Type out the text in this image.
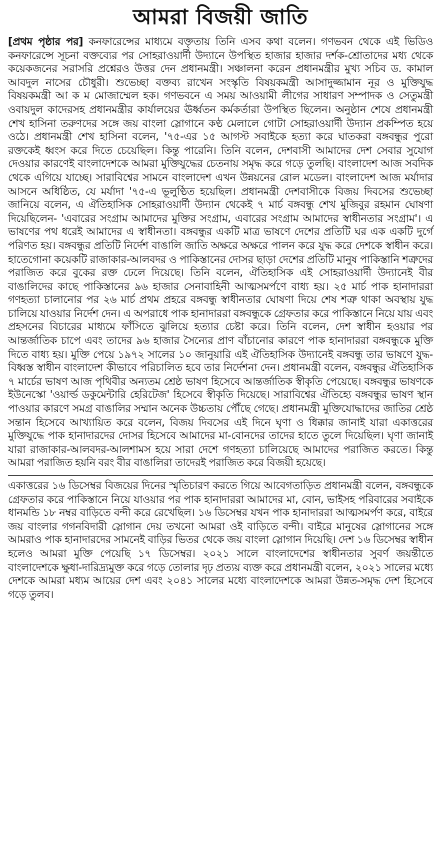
আমরা বিজয়ী জাতি

[প্রথম পৃষ্ঠার পর] কনফারেন্সের মাধ্যমে বক্তৃতায় তিনি এসব কথা বলেন। গণভবন থেকে এই ভিডিও কনফারেন্সে সূচনা বক্তব্যের পর সোহরাওয়ার্দী উদ্যানে উপস্থিত হাজার হাজার দর্শক-শ্রোতাদের মধ্য থেকে কয়েকজনের সরাসরি প্রশ্নেরও উত্তর দেন প্রধানমন্ত্রী। সঞ্চালনা করেন প্রধানমন্ত্রীর মুখ্য সচিব ড. কামাল আবদুল নাসের চৌধুরী। শুভেচ্ছা বক্তব্য রাখেন সংস্কৃতি বিষয়কমন্ত্রী আসাদুজ্জামান নূর ও মুক্তিযুদ্ধ বিষয়কমন্ত্রী আ ক ম মোজাম্মেল হক। গণভবনে এ সময় আওয়ামী লীগের সাধারণ সম্পাদক ও সেতুমন্ত্রী ওবায়দুল কাদেরসহ প্রধানমন্ত্রীর কার্যালয়ের ঊর্ধ্বতন কর্মকর্তারা উপস্থিত ছিলেন। অনুষ্ঠান শেষে প্রধানমন্ত্রী শেখ হাসিনা তরুণদের সঙ্গে জয় বাংলা স্লোগানে কণ্ঠ মেলালে গোটা সোহরাওয়ার্দী উদ্যান প্রকম্পিত হয়ে ওঠে। প্রধানমন্ত্রী শেখ হাসিনা বলেন, '৭৫-এর ১৫ আগস্ট সবাইকে হত্যা করে ঘাতকরা বঙ্গবন্ধুর পুরো রক্তকেই ধ্বংস করে দিতে চেয়েছিল। কিন্তু পারেনি। তিনি বলেন, দেশবাসী আমাদের দেশ সেবার সুযোগ দেওয়ার কারণেই বাংলাদেশকে আমরা মুক্তিযুদ্ধের চেতনায় সমৃদ্ধ করে গড়ে তুলছি। বাংলাদেশ আজ সবদিক থেকে এগিয়ে যাচ্ছে। সারাবিশ্বের সামনে বাংলাদেশ এখন উন্নয়নের রোল মডেল। বাংলাদেশ আজ মর্যাদার আসনে অধিষ্ঠিত, যে মর্যাদা '৭৫-এ ভূলুণ্ঠিত হয়েছিল। প্রধানমন্ত্রী দেশবাসীকে বিজয় দিবসের শুভেচ্ছা জানিয়ে বলেন, এ ঐতিহাসিক সোহরাওয়ার্দী উদ্যান থেকেই ৭ মার্চ বঙ্গবন্ধু শেখ মুজিবুর রহমান ঘোষণা দিয়েছিলেন- 'এবারের সংগ্রাম আমাদের মুক্তির সংগ্রাম, এবারের সংগ্রাম আমাদের স্বাধীনতার সংগ্রাম'। এ ভাষণের পথ ধরেই আমাদের এ স্বাধীনতা। বঙ্গবন্ধুর একটি মাত্র ভাষণে দেশের প্রতিটি ঘর এক একটি দুর্গে পরিণত হয়। বঙ্গবন্ধুর প্রতিটি নির্দেশ বাঙালি জাতি অক্ষরে অক্ষরে পালন করে যুদ্ধ করে দেশকে স্বাধীন করে। হাতেগোনা কয়েকটি রাজাকার-আলবদর ও পাকিস্তানের দোসর ছাড়া দেশের প্রতিটি মানুষ পাকিস্তানি শত্রুদের পরাজিত করে বুকের রক্ত ঢেলে দিয়েছে। তিনি বলেন, ঐতিহাসিক এই সোহরাওয়ার্দী উদ্যানেই বীর বাঙালিদের কাছে পাকিস্তানের ৯৬ হাজার সেনাবাহিনী আত্মসমর্পণে বাধ্য হয়। ২৫ মার্চ পাক হানাদাররা গণহত্যা চালানোর পর ২৬ মার্চ প্রথম প্রহরে বঙ্গবন্ধু স্বাধীনতার ঘোষণা দিয়ে শেষ শত্রু থাকা অবস্থায় যুদ্ধ চালিয়ে যাওয়ার নির্দেশ দেন। এ অপরাধে পাক হানাদাররা বঙ্গবন্ধুকে গ্রেফতার করে পাকিস্তানে নিয়ে যায় এবং প্রহসনের বিচারের মাধ্যমে ফাঁসিতে ঝুলিয়ে হত্যার চেষ্টা করে। তিনি বলেন, দেশ স্বাধীন হওয়ার পর আন্তর্জাতিক চাপে এবং তাদের ৯৬ হাজার সৈন্যের প্রাণ বাঁচানোর কারণে পাক হানাদাররা বঙ্গবন্ধুকে মুক্তি দিতে বাধ্য হয়। মুক্তি পেয়ে ১৯৭২ সালের ১০ জানুয়ারি এই ঐতিহাসিক উদ্যানেই বঙ্গবন্ধু তার ভাষণে যুদ্ধ-বিধ্বস্ত স্বাধীন বাংলাদেশ কীভাবে পরিচালিত হবে তার নির্দেশনা দেন। প্রধানমন্ত্রী বলেন, বঙ্গবন্ধুর ঐতিহাসিক ৭ মার্চের ভাষণ আজ পৃথিবীর অন্যতম শ্রেষ্ঠ ভাষণ হিসেবে আন্তর্জাতিক স্বীকৃতি পেয়েছে। বঙ্গবন্ধুর ভাষণকে ইউনেস্কো 'ওয়ার্ল্ড ডকুমেন্টারি হেরিটেজ' হিসেবে স্বীকৃতি দিয়েছে। সারাবিশ্বের ঐতিহ্যে বঙ্গবন্ধুর ভাষণ স্থান পাওয়ার কারণে সমগ্র বাঙালির সম্মান অনেক উচ্চতায় পৌঁছে গেছে। প্রধানমন্ত্রী মুক্তিযোদ্ধাদের জাতির শ্রেষ্ঠ সন্তান হিসেবে আখ্যায়িত করে বলেন, বিজয় দিবসের এই দিনে ঘৃণা ও ধিক্কার জানাই যারা একাত্তরের মুক্তিযুদ্ধে পাক হানাদারদের দোসর হিসেবে আমাদের মা-বোনদের তাদের হাতে তুলে দিয়েছিল। ঘৃণা জানাই যারা রাজাকার-আলবদর-আলশামস হয়ে সারা দেশে গণহত্যা চালিয়েছে আমাদের পরাজিত করতে। কিন্তু আমরা পরাজিত হয়নি বরং বীর বাঙালিরা তাদেরই পরাজিত করে বিজয়ী হয়েছে।

একাত্তরের ১৬ ডিসেম্বর বিজয়ের দিনের স্মৃতিচারণ করতে গিয়ে আবেগতাড়িত প্রধানমন্ত্রী বলেন, বঙ্গবন্ধুকে গ্রেফতার করে পাকিস্তানে নিয়ে যাওয়ার পর পাক হানাদাররা আমাদের মা, বোন, ভাইসহ পরিবারের সবাইকে ধানমন্ডি ১৮ নম্বর বাড়িতে বন্দী করে রেখেছিল। ১৬ ডিসেম্বর যখন পাক হানাদাররা আত্মসমর্পণ করে, বাইরে জয় বাংলার গগনবিদারী স্লোগান দেয় তখনো আমরা ওই বাড়িতে বন্দী। বাইরে মানুষের স্লোগানের সঙ্গে আমরাও পাক হানাদারদের সামনেই বাড়ির ভিতর থেকে জয় বাংলা স্লোগান দিয়েছি। দেশ ১৬ ডিসেম্বর স্বাধীন হলেও আমরা মুক্তি পেয়েছি ১৭ ডিসেম্বর। ২০২১ সালে বাংলাদেশের স্বাধীনতার সুবর্ণ জয়ন্তীতে বাংলাদেশকে ক্ষুধা-দারিদ্র্যমুক্ত করে গড়ে তোলার দৃঢ় প্রত্যয় ব্যক্ত করে প্রধানমন্ত্রী বলেন, ২০২১ সালের মধ্যে দেশকে আমরা মধ্যম আয়ের দেশ এবং ২০৪১ সালের মধ্যে বাংলাদেশকে আমরা উন্নত-সমৃদ্ধ দেশ হিসেবে গড়ে তুলব।
